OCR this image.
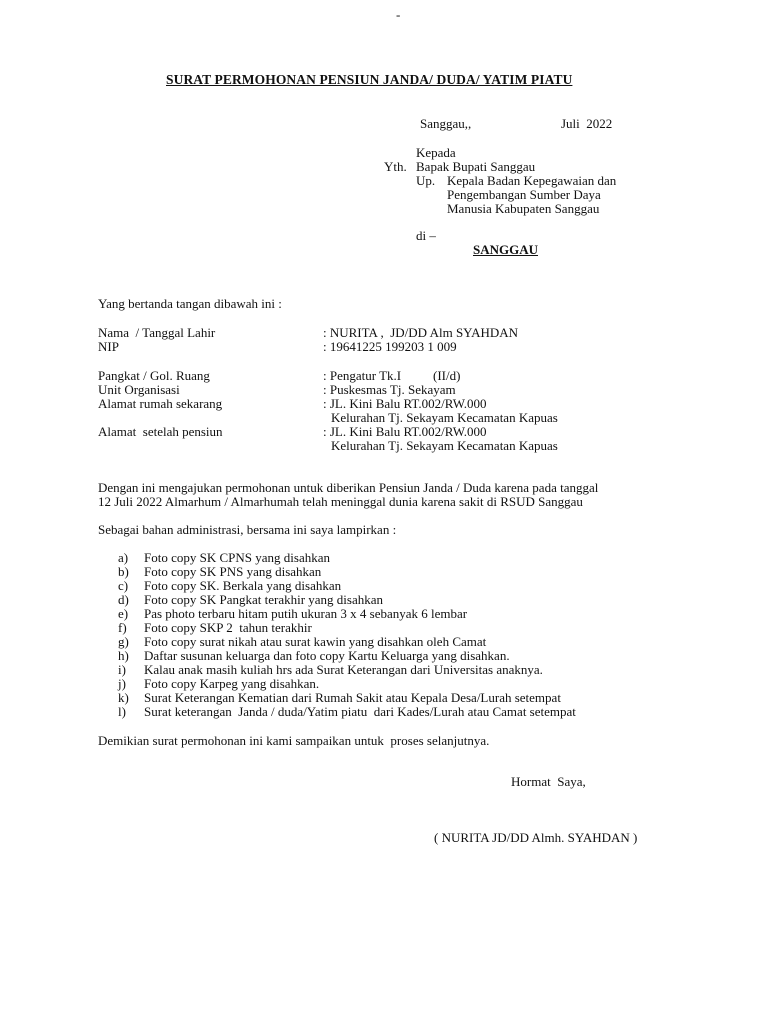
-
SURAT PERMOHONAN PENSIUN JANDA/ DUDA/ YATIM PIATU
Sanggau,,	Juli  2022
Kepada
Yth. Bapak Bupati Sanggau
Up. Kepala Badan Kepegawaian dan
Pengembangan Sumber Daya
Manusia Kabupaten Sanggau
di –
SANGGAU
Yang bertanda tangan dibawah ini :
Nama  / Tanggal Lahir	: NURITA ,  JD/DD Alm SYAHDAN
NIP	: 19641225 199203 1 009
Pangkat / Gol. Ruang	: Pengatur Tk.I (II/d)
Unit Organisasi	: Puskesmas Tj. Sekayam
Alamat rumah sekarang	: JL. Kini Balu RT.002/RW.000
Kelurahan Tj. Sekayam Kecamatan Kapuas
Alamat  setelah pensiun	: JL. Kini Balu RT.002/RW.000
Kelurahan Tj. Sekayam Kecamatan Kapuas
Dengan ini mengajukan permohonan untuk diberikan Pensiun Janda / Duda karena pada tanggal
12 Juli 2022 Almarhum / Almarhumah telah meninggal dunia karena sakit di RSUD Sanggau
Sebagai bahan administrasi, bersama ini saya lampirkan :
a) Foto copy SK CPNS yang disahkan
b) Foto copy SK PNS yang disahkan
c) Foto copy SK. Berkala yang disahkan
d) Foto copy SK Pangkat terakhir yang disahkan
e) Pas photo terbaru hitam putih ukuran 3 x 4 sebanyak 6 lembar
f) Foto copy SKP 2  tahun terakhir
g) Foto copy surat nikah atau surat kawin yang disahkan oleh Camat
h) Daftar susunan keluarga dan foto copy Kartu Keluarga yang disahkan.
i) Kalau anak masih kuliah hrs ada Surat Keterangan dari Universitas anaknya.
j) Foto copy Karpeg yang disahkan.
k) Surat Keterangan Kematian dari Rumah Sakit atau Kepala Desa/Lurah setempat
l) Surat keterangan  Janda / duda/Yatim piatu  dari Kades/Lurah atau Camat setempat
Demikian surat permohonan ini kami sampaikan untuk  proses selanjutnya.
Hormat  Saya,
( NURITA JD/DD Almh. SYAHDAN )
